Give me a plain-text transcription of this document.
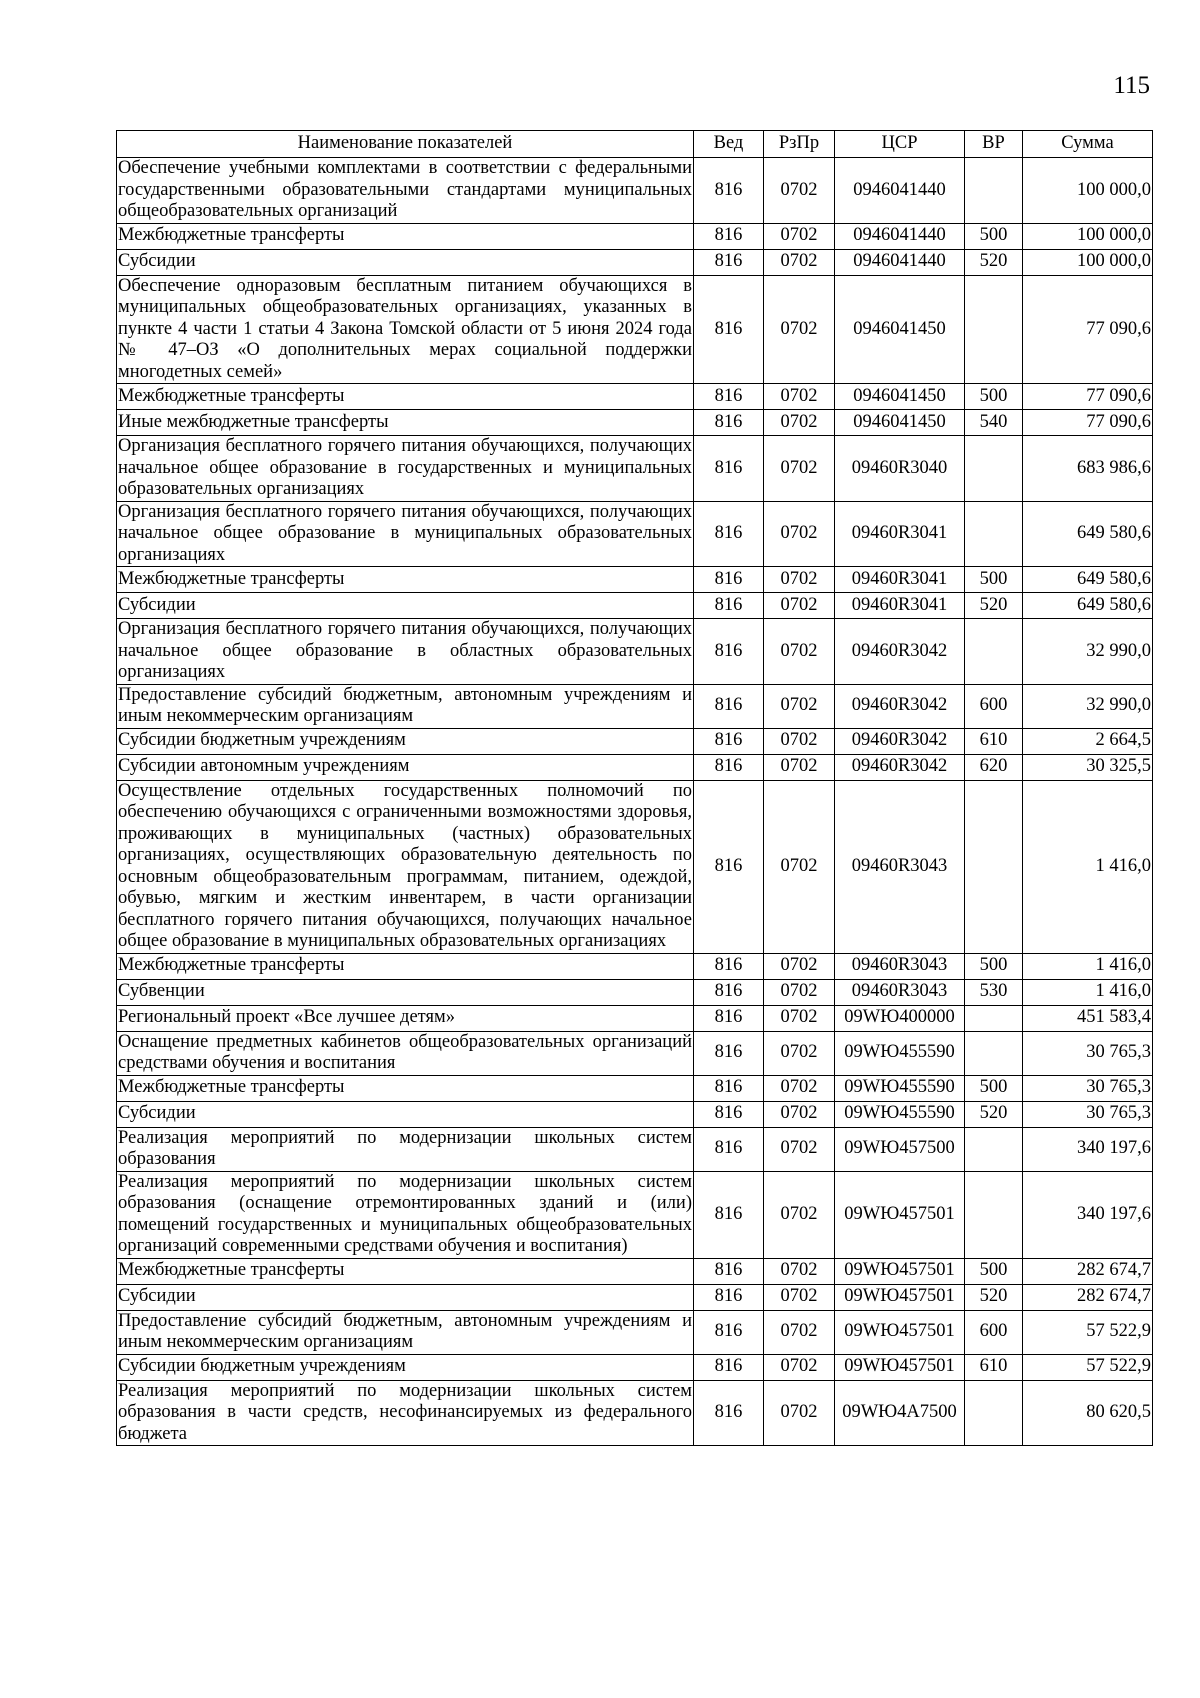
115
Наименование показателей	Вед	РзПр	ЦСР	ВР	Сумма
Обеспечение учебными комплектами в соответствии с федеральными государственными образовательными стандартами муниципальных общеобразовательных организаций	816	0702	0946041440		100 000,0
Межбюджетные трансферты	816	0702	0946041440	500	100 000,0
Субсидии	816	0702	0946041440	520	100 000,0
Обеспечение одноразовым бесплатным питанием обучающихся в муниципальных общеобразовательных организациях, указанных в пункте 4 части 1 статьи 4 Закона Томской области от 5 июня 2024 года № 47–ОЗ «О дополнительных мерах социальной поддержки многодетных семей»	816	0702	0946041450		77 090,6
Межбюджетные трансферты	816	0702	0946041450	500	77 090,6
Иные межбюджетные трансферты	816	0702	0946041450	540	77 090,6
Организация бесплатного горячего питания обучающихся, получающих начальное общее образование в государственных и муниципальных образовательных организациях	816	0702	09460R3040		683 986,6
Организация бесплатного горячего питания обучающихся, получающих начальное общее образование в муниципальных образовательных организациях	816	0702	09460R3041		649 580,6
Межбюджетные трансферты	816	0702	09460R3041	500	649 580,6
Субсидии	816	0702	09460R3041	520	649 580,6
Организация бесплатного горячего питания обучающихся, получающих начальное общее образование в областных образовательных организациях	816	0702	09460R3042		32 990,0
Предоставление субсидий бюджетным, автономным учреждениям и иным некоммерческим организациям	816	0702	09460R3042	600	32 990,0
Субсидии бюджетным учреждениям	816	0702	09460R3042	610	2 664,5
Субсидии автономным учреждениям	816	0702	09460R3042	620	30 325,5
Осуществление отдельных государственных полномочий по обеспечению обучающихся с ограниченными возможностями здоровья, проживающих в муниципальных (частных) образовательных организациях, осуществляющих образовательную деятельность по основным общеобразовательным программам, питанием, одеждой, обувью, мягким и жестким инвентарем, в части организации бесплатного горячего питания обучающихся, получающих начальное общее образование в муниципальных образовательных организациях	816	0702	09460R3043		1 416,0
Межбюджетные трансферты	816	0702	09460R3043	500	1 416,0
Субвенции	816	0702	09460R3043	530	1 416,0
Региональный проект «Все лучшее детям»	816	0702	09WЮ400000		451 583,4
Оснащение предметных кабинетов общеобразовательных организаций средствами обучения и воспитания	816	0702	09WЮ455590		30 765,3
Межбюджетные трансферты	816	0702	09WЮ455590	500	30 765,3
Субсидии	816	0702	09WЮ455590	520	30 765,3
Реализация мероприятий по модернизации школьных систем образования	816	0702	09WЮ457500		340 197,6
Реализация мероприятий по модернизации школьных систем образования (оснащение отремонтированных зданий и (или) помещений государственных и муниципальных общеобразовательных организаций современными средствами обучения и воспитания)	816	0702	09WЮ457501		340 197,6
Межбюджетные трансферты	816	0702	09WЮ457501	500	282 674,7
Субсидии	816	0702	09WЮ457501	520	282 674,7
Предоставление субсидий бюджетным, автономным учреждениям и иным некоммерческим организациям	816	0702	09WЮ457501	600	57 522,9
Субсидии бюджетным учреждениям	816	0702	09WЮ457501	610	57 522,9
Реализация мероприятий по модернизации школьных систем образования в части средств, несофинансируемых из федерального бюджета	816	0702	09WЮ4А7500		80 620,5
